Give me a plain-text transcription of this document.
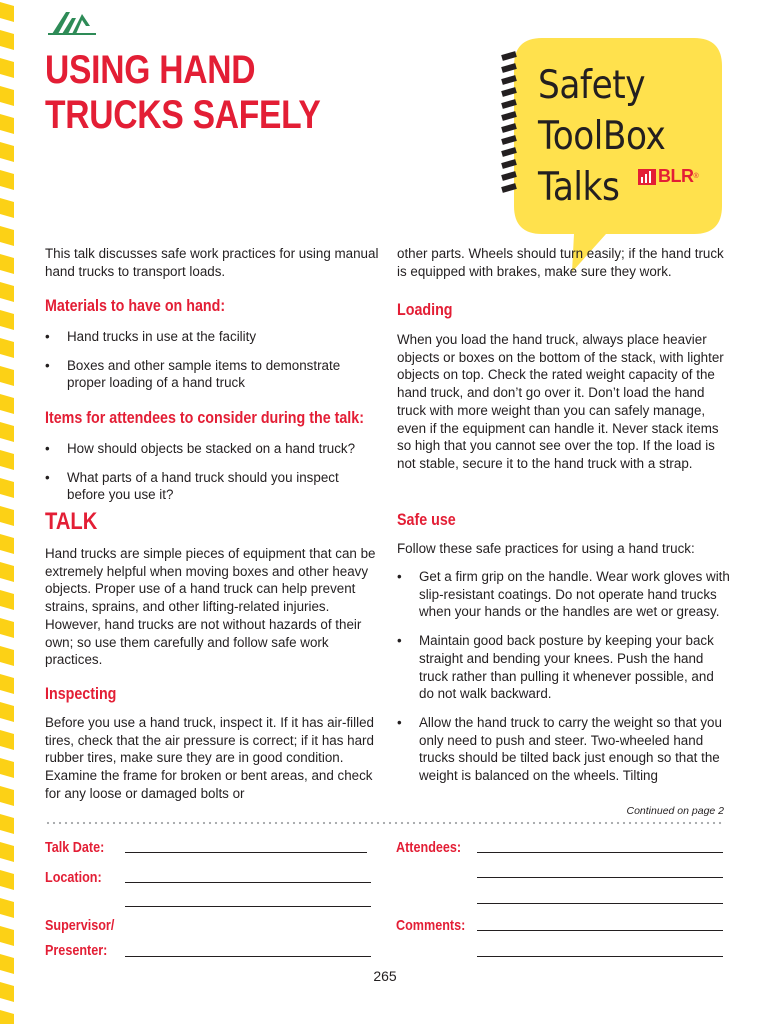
USING HAND
TRUCKS SAFELY
Safety
ToolBox
Talks	BLR ®
This talk discusses safe work practices for using manual hand trucks to transport loads.
Materials to have on hand:
• Hand trucks in use at the facility
• Boxes and other sample items to demonstrate proper loading of a hand truck
Items for attendees to consider during the talk:
• How should objects be stacked on a hand truck?
• What parts of a hand truck should you inspect before you use it?
TALK
Hand trucks are simple pieces of equipment that can be extremely helpful when moving boxes and other heavy objects. Proper use of a hand truck can help prevent strains, sprains, and other lifting-related injuries. However, hand trucks are not without hazards of their own; so use them carefully and follow safe work practices.
Inspecting
Before you use a hand truck, inspect it. If it has air-filled tires, check that the air pressure is correct; if it has hard rubber tires, make sure they are in good condition. Examine the frame for broken or bent areas, and check for any loose or damaged bolts or
other parts. Wheels should turn easily; if the hand truck is equipped with brakes, make sure they work.
Loading
When you load the hand truck, always place heavier objects or boxes on the bottom of the stack, with lighter objects on top. Check the rated weight capacity of the hand truck, and don’t go over it. Don’t load the hand truck with more weight than you can safely manage, even if the equipment can handle it. Never stack items so high that you cannot see over the top. If the load is not stable, secure it to the hand truck with a strap.
Safe use
Follow these safe practices for using a hand truck:
• Get a firm grip on the handle. Wear work gloves with slip-resistant coatings. Do not operate hand trucks when your hands or the handles are wet or greasy.
• Maintain good back posture by keeping your back straight and bending your knees. Push the hand truck rather than pulling it whenever possible, and do not walk backward.
• Allow the hand truck to carry the weight so that you only need to push and steer. Two-wheeled hand trucks should be tilted back just enough so that the weight is balanced on the wheels. Tilting
Continued on page 2
Talk Date:
Location:
Supervisor/
Presenter:
Attendees:
Comments:
265
